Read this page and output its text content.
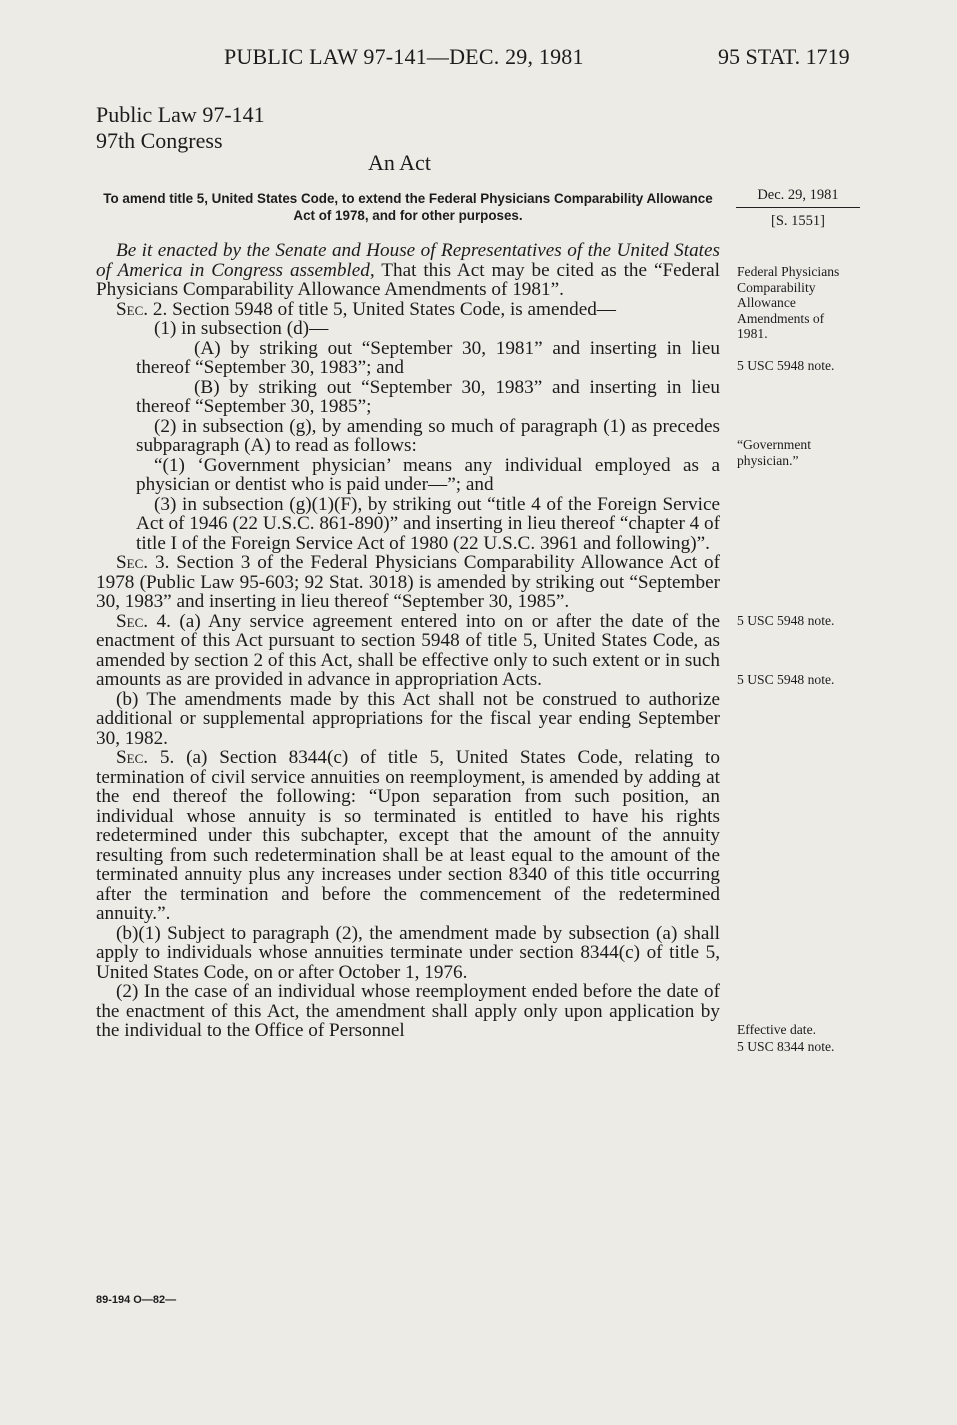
PUBLIC LAW 97-141—DEC. 29, 1981	95 STAT. 1719
Public Law 97-141
97th Congress
An Act
To amend title 5, United States Code, to extend the Federal Physicians Comparability Allowance Act of 1978, and for other purposes.
Dec. 29, 1981
[S. 1551]

Be it enacted by the Senate and House of Representatives of the United States of America in Congress assembled, That this Act may be cited as the “Federal Physicians Comparability Allowance Amendments of 1981”.

Sec. 2. Section 5948 of title 5, United States Code, is amended—

(1) in subsection (d)—

(A) by striking out “September 30, 1981” and inserting in lieu thereof “September 30, 1983”; and

(B) by striking out “September 30, 1983” and inserting in lieu thereof “September 30, 1985”;

(2) in subsection (g), by amending so much of paragraph (1) as precedes subparagraph (A) to read as follows:

“(1) ‘Government physician’ means any individual employed as a physician or dentist who is paid under—”; and

(3) in subsection (g)(1)(F), by striking out “title 4 of the Foreign Service Act of 1946 (22 U.S.C. 861-890)” and inserting in lieu thereof “chapter 4 of title I of the Foreign Service Act of 1980 (22 U.S.C. 3961 and following)”.

Sec. 3. Section 3 of the Federal Physicians Comparability Allowance Act of 1978 (Public Law 95-603; 92 Stat. 3018) is amended by striking out “September 30, 1983” and inserting in lieu thereof “September 30, 1985”.

Sec. 4. (a) Any service agreement entered into on or after the date of the enactment of this Act pursuant to section 5948 of title 5, United States Code, as amended by section 2 of this Act, shall be effective only to such extent or in such amounts as are provided in advance in appropriation Acts.

(b) The amendments made by this Act shall not be construed to authorize additional or supplemental appropriations for the fiscal year ending September 30, 1982.

Sec. 5. (a) Section 8344(c) of title 5, United States Code, relating to termination of civil service annuities on reemployment, is amended by adding at the end thereof the following: “Upon separation from such position, an individual whose annuity is so terminated is entitled to have his rights redetermined under this subchapter, except that the amount of the annuity resulting from such redetermination shall be at least equal to the amount of the terminated annuity plus any increases under section 8340 of this title occurring after the termination and before the commencement of the redetermined annuity.”.

(b)(1) Subject to paragraph (2), the amendment made by subsection (a) shall apply to individuals whose annuities terminate under section 8344(c) of title 5, United States Code, on or after October 1, 1976.

(2) In the case of an individual whose reemployment ended before the date of the enactment of this Act, the amendment shall apply only upon application by the individual to the Office of Personnel

Federal Physicians Comparability Allowance Amendments of 1981.
5 USC 5948 note.
“Government physician.”
5 USC 5948 note.
5 USC 5948 note.
Effective date.
5 USC 8344 note.
89-194 O—82—
